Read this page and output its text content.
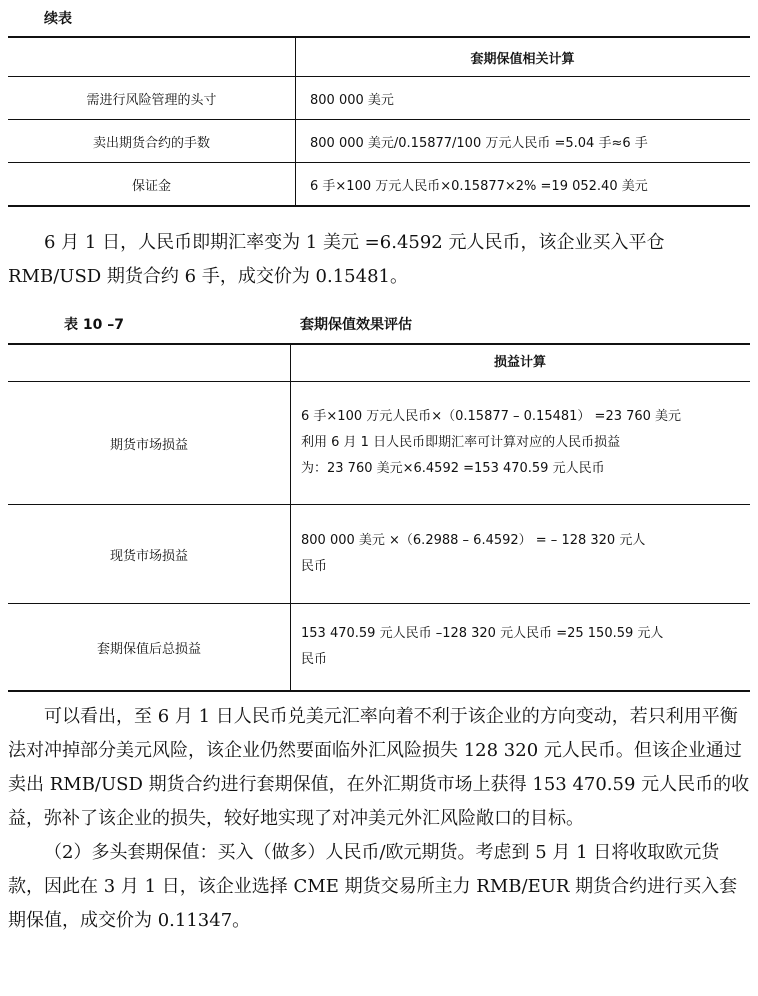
续表
	套期保值相关计算
需进行风险管理的头寸	800 000 美元
卖出期货合约的手数	800 000 美元/0.15877/100 万元人民币 =5.04 手≈6 手
保证金	6 手×100 万元人民币×0.15877×2% =19 052.40 美元

6 月 1 日，人民币即期汇率变为 1 美元 =6.4592 元人民币，该企业买入平仓 RMB/USD 期货合约 6 手，成交价为 0.15481。

表 10 –7	套期保值效果评估
	损益计算
期货市场损益	6 手×100 万元人民币×（0.15877 – 0.15481） =23 760 美元
利用 6 月 1 日人民币即期汇率可计算对应的人民币损益
为：23 760 美元×6.4592 =153 470.59 元人民币

现货市场损益	800 000 美元 ×（6.2988 – 6.4592） = – 128 320 元人
民币

套期保值后总损益	153 470.59 元人民币 –128 320 元人民币 =25 150.59 元人
民币

可以看出，至 6 月 1 日人民币兑美元汇率向着不利于该企业的方向变动，若只利用平衡法对冲掉部分美元风险，该企业仍然要面临外汇风险损失 128 320 元人民币。但该企业通过卖出 RMB/USD 期货合约进行套期保值，在外汇期货市场上获得 153 470.59 元人民币的收益，弥补了该企业的损失，较好地实现了对冲美元外汇风险敞口的目标。

（2）多头套期保值：买入（做多）人民币/欧元期货。考虑到 5 月 1 日将收取欧元货款，因此在 3 月 1 日，该企业选择 CME 期货交易所主力 RMB/EUR 期货合约进行买入套期保值，成交价为 0.11347。
